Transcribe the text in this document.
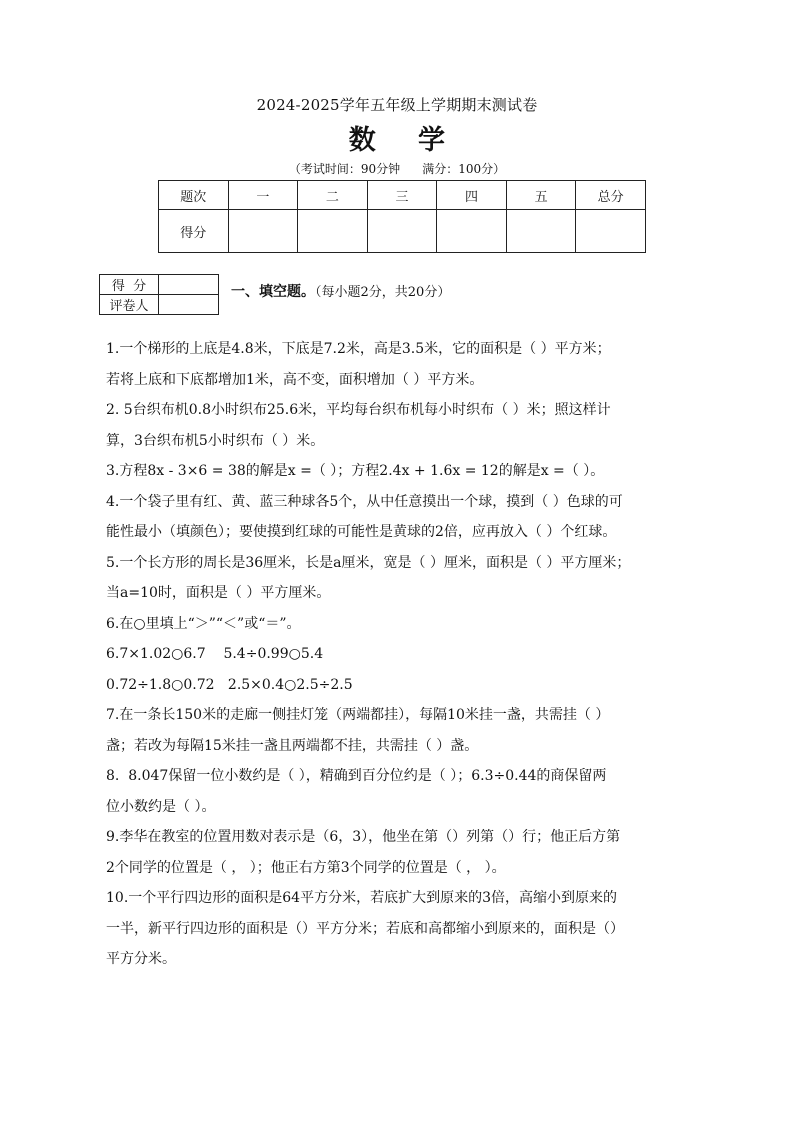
2024-2025学年五年级上学期期末测试卷
数 学
（考试时间：90分钟 满分：100分）
题次	一	二	三	四	五	总分
得分						
得  分	
评卷人	
一、填空题。（每小题2分，共20分）
1.一个梯形的上底是4.8米，下底是7.2米，高是3.5米，它的面积是（ ）平方米；
若将上底和下底都增加1米，高不变，面积增加（ ）平方米。
2. 5台织布机0.8小时织布25.6米，平均每台织布机每小时织布（ ）米；照这样计
算，3台织布机5小时织布（ ）米。
3.方程8x - 3×6 = 38的解是x =（ ）；方程2.4x + 1.6x = 12的解是x =（ ）。
4.一个袋子里有红、黄、蓝三种球各5个，从中任意摸出一个球，摸到（ ）色球的可
能性最小（填颜色）；要使摸到红球的可能性是黄球的2倍，应再放入（ ）个红球。
5.一个长方形的周长是36厘米，长是a厘米，宽是（ ）厘米，面积是（ ）平方厘米；
当a=10时，面积是（ ）平方厘米。
6.在○里填上“＞”“＜”或“＝”。
6.7×1.02○6.7    5.4÷0.99○5.4
0.72÷1.8○0.72   2.5×0.4○2.5÷2.5
7.在一条长150米的走廊一侧挂灯笼（两端都挂），每隔10米挂一盏，共需挂（ ）
盏；若改为每隔15米挂一盏且两端都不挂，共需挂（ ）盏。
8.  8.047保留一位小数约是（ ），精确到百分位约是（ ）；6.3÷0.44的商保留两
位小数约是（ ）。
9.李华在教室的位置用数对表示是（6，3），他坐在第（）列第（）行；他正后方第
2个同学的位置是（ ， ）；他正右方第3个同学的位置是（ ， ）。
10.一个平行四边形的面积是64平方分米，若底扩大到原来的3倍，高缩小到原来的
一半，新平行四边形的面积是（）平方分米；若底和高都缩小到原来的，面积是（）
平方分米。
